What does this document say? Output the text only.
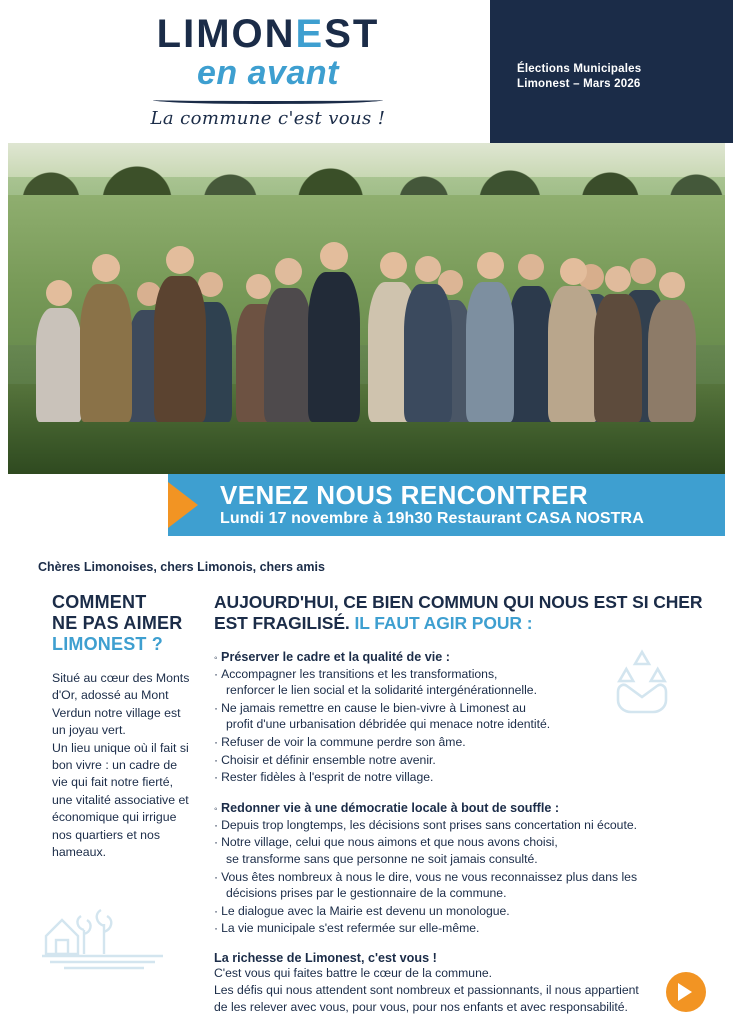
Élections Municipales
Limonest – Mars 2026
LIMONEST
en avant
La commune c'est vous !
VENEZ NOUS RENCONTRER
Lundi 17 novembre à 19h30 Restaurant CASA NOSTRA
Chères Limonoises, chers Limonois, chers amis
COMMENT
NE PAS AIMER
LIMONEST ?

Situé au cœur des Monts d'Or, adossé au Mont Verdun notre village est un joyau vert.

Un lieu unique où il fait si bon vivre : un cadre de vie qui fait notre fierté, une vitalité associative et économique qui irrigue nos quartiers et nos hameaux.

AUJOURD'HUI, CE BIEN COMMUN QUI NOUS EST SI CHER EST FRAGILISÉ. IL FAUT AGIR POUR :
◦ Préserver le cadre et la qualité de vie :
· Accompagner les transitions et les transformations,
renforcer le lien social et la solidarité intergénérationnelle.
· Ne jamais remettre en cause le bien-vivre à Limonest au
profit d'une urbanisation débridée qui menace notre identité.
· Refuser de voir la commune perdre son âme.
· Choisir et définir ensemble notre avenir.
· Rester fidèles à l'esprit de notre village.
◦ Redonner vie à une démocratie locale à bout de souffle :
· Depuis trop longtemps, les décisions sont prises sans concertation ni écoute.
· Notre village, celui que nous aimons et que nous avons choisi,
se transforme sans que personne ne soit jamais consulté.
· Vous êtes nombreux à nous le dire, vous ne vous reconnaissez plus dans les
décisions prises par le gestionnaire de la commune.
· Le dialogue avec la Mairie est devenu un monologue.
· La vie municipale s'est refermée sur elle-même.
La richesse de Limonest, c'est vous !

C'est vous qui faites battre le cœur de la commune.

Les défis qui nous attendent sont nombreux et passionnants, il nous appartient

de les relever avec vous, pour vous, pour nos enfants et avec responsabilité.
